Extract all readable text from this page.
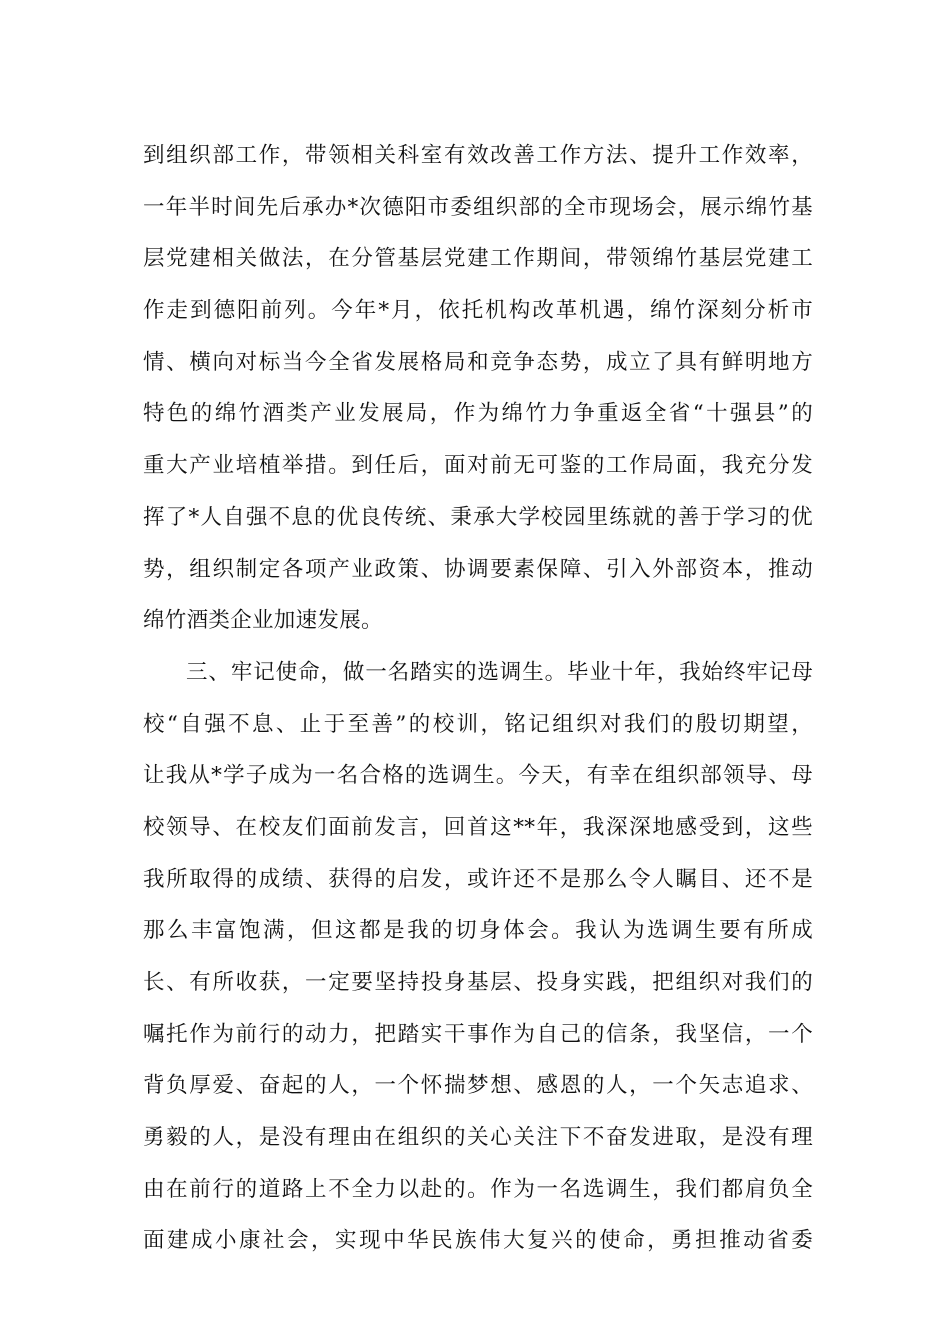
到组织部工作，带领相关科室有效改善工作方法、提升工作效率，
一年半时间先后承办*次德阳市委组织部的全市现场会，展示绵竹基
层党建相关做法，在分管基层党建工作期间，带领绵竹基层党建工
作走到德阳前列。今年*月，依托机构改革机遇，绵竹深刻分析市
情、横向对标当今全省发展格局和竞争态势，成立了具有鲜明地方
特色的绵竹酒类产业发展局，作为绵竹力争重返全省“十强县”的
重大产业培植举措。到任后，面对前无可鉴的工作局面，我充分发
挥了*人自强不息的优良传统、秉承大学校园里练就的善于学习的优
势，组织制定各项产业政策、协调要素保障、引入外部资本，推动
绵竹酒类企业加速发展。
三、牢记使命，做一名踏实的选调生。毕业十年，我始终牢记母
校“自强不息、止于至善”的校训，铭记组织对我们的殷切期望，
让我从*学子成为一名合格的选调生。今天，有幸在组织部领导、母
校领导、在校友们面前发言，回首这**年，我深深地感受到，这些
我所取得的成绩、获得的启发，或许还不是那么令人瞩目、还不是
那么丰富饱满，但这都是我的切身体会。我认为选调生要有所成
长、有所收获，一定要坚持投身基层、投身实践，把组织对我们的
嘱托作为前行的动力，把踏实干事作为自己的信条，我坚信，一个
背负厚爱、奋起的人，一个怀揣梦想、感恩的人，一个矢志追求、
勇毅的人，是没有理由在组织的关心关注下不奋发进取，是没有理
由在前行的道路上不全力以赴的。作为一名选调生，我们都肩负全
面建成小康社会，实现中华民族伟大复兴的使命，勇担推动省委
